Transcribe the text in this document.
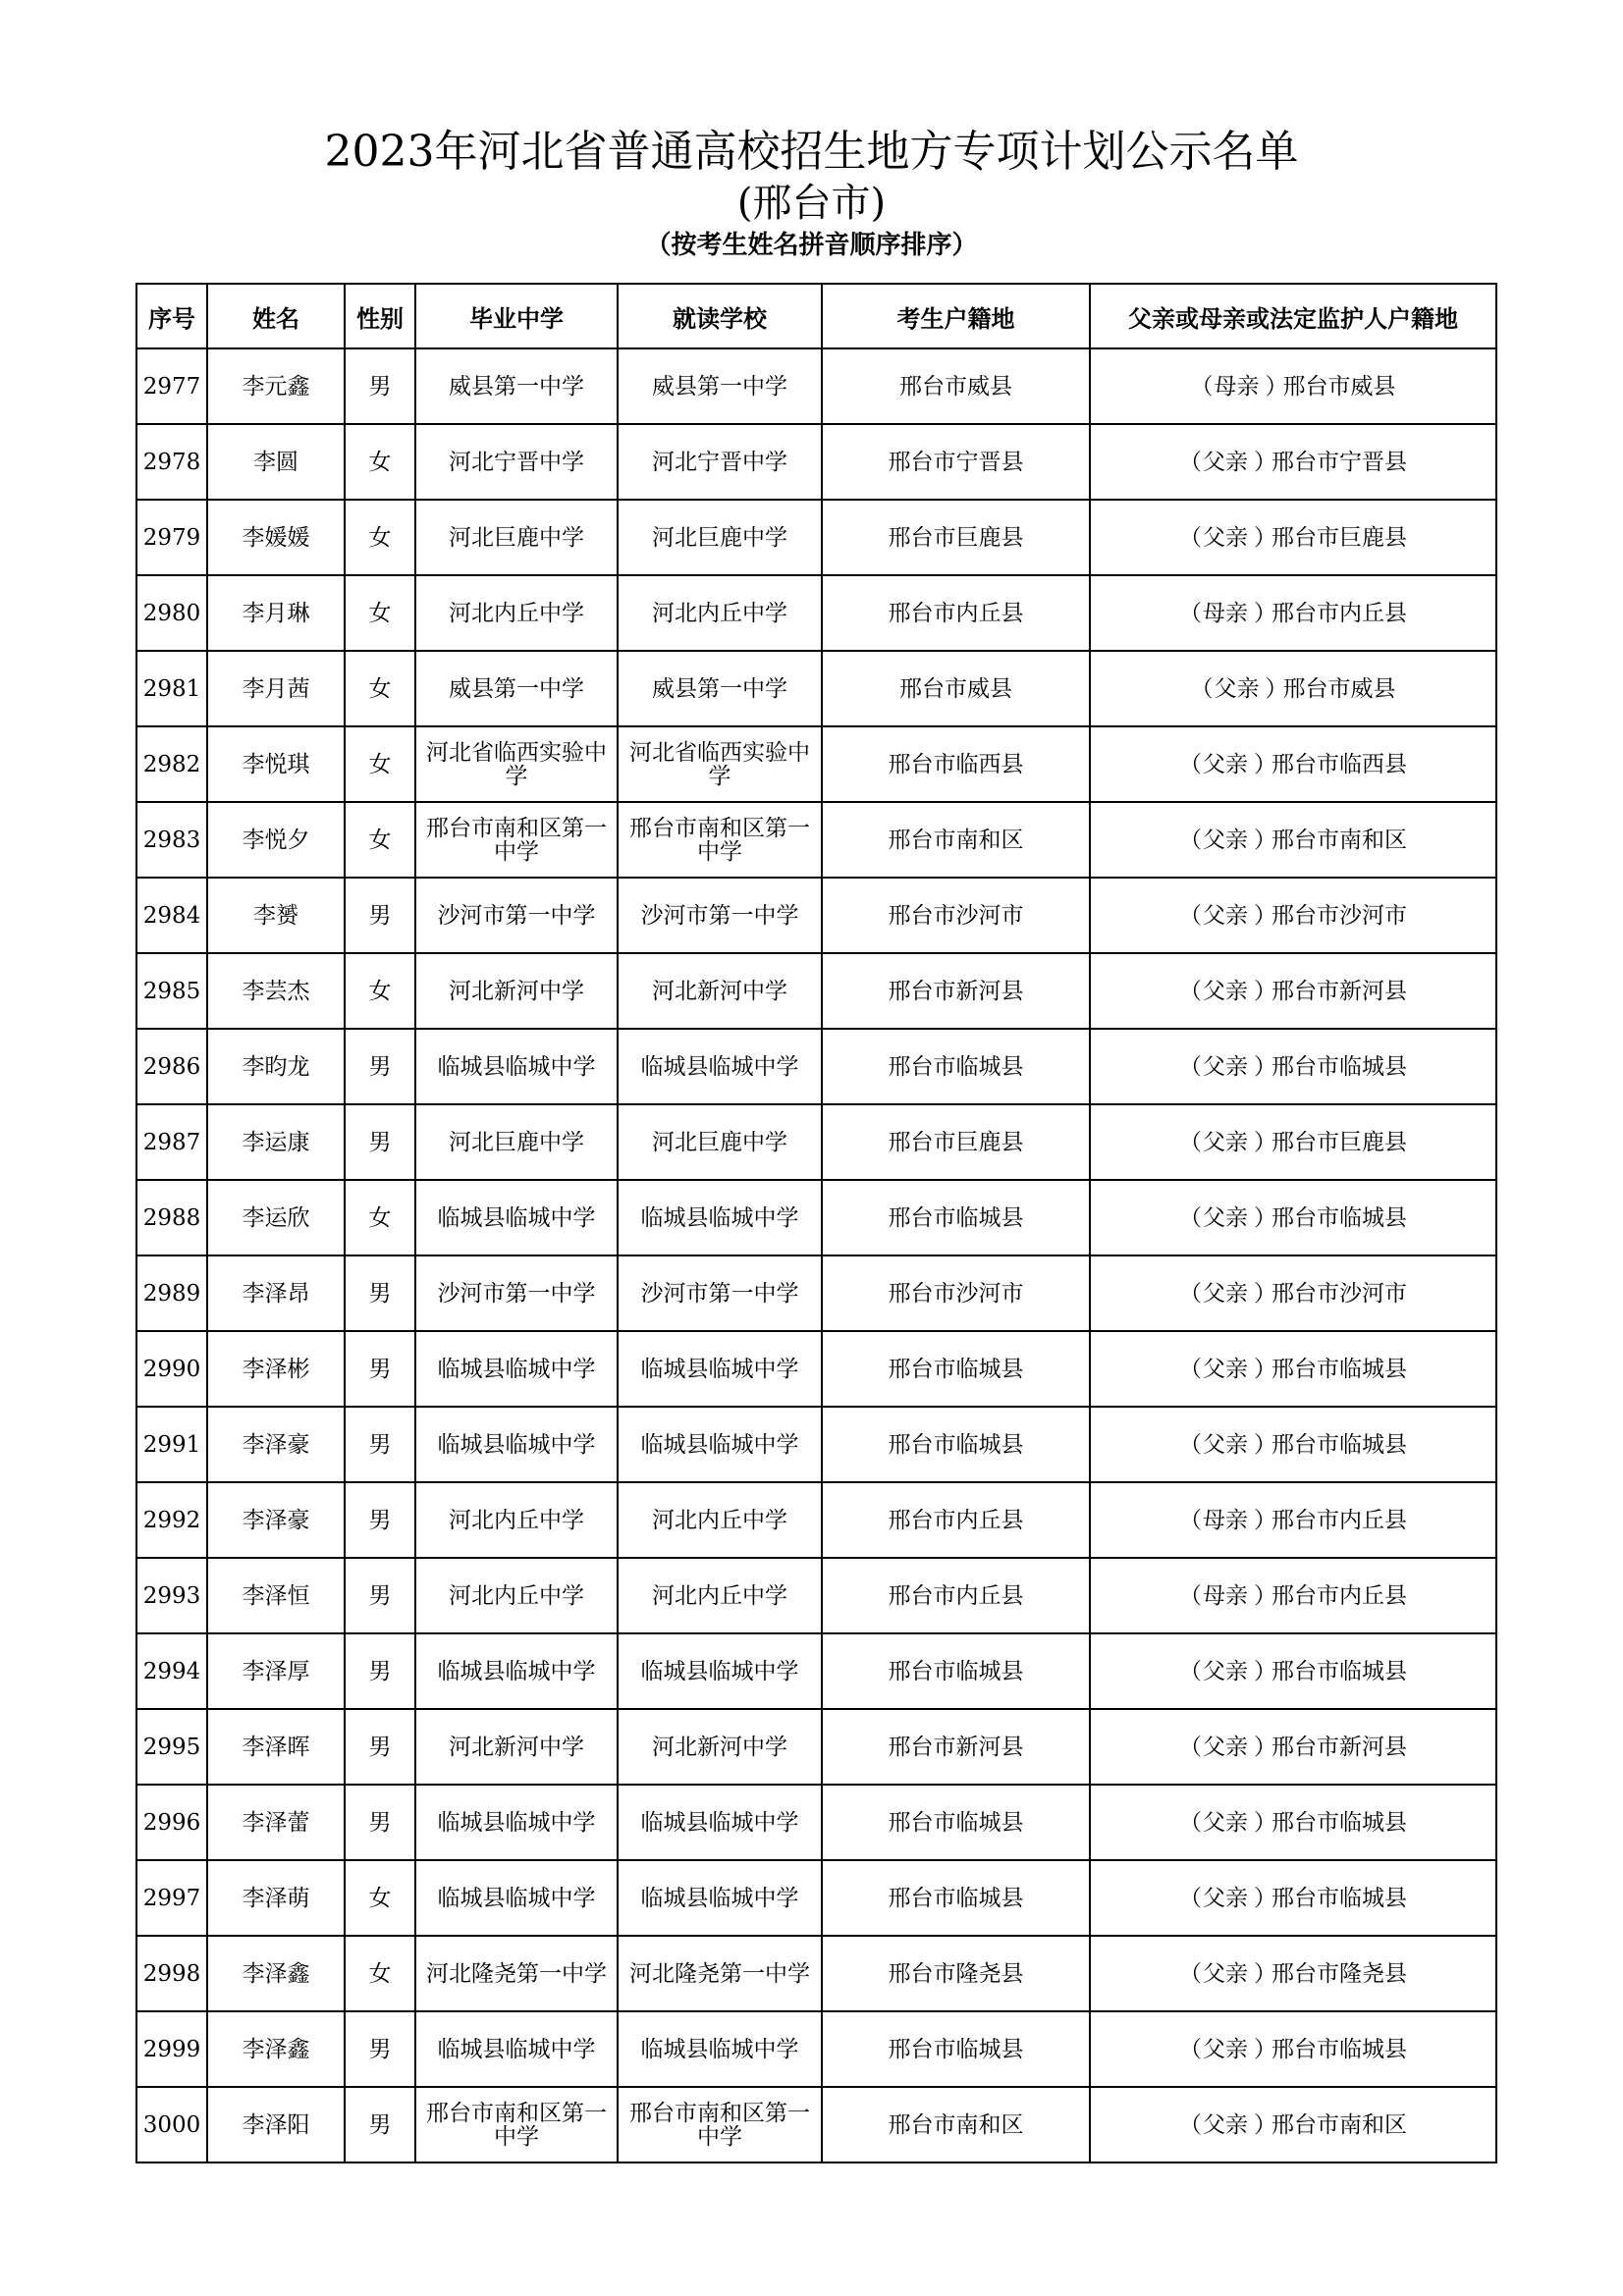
2023年河北省普通高校招生地方专项计划公示名单
(邢台市)
（按考生姓名拼音顺序排序）
序号	姓名	性别	毕业中学	就读学校	考生户籍地	父亲或母亲或法定监护人户籍地
2977	李元鑫	男	威县第一中学	威县第一中学	邢台市威县	（母亲 ）邢台市威县
2978	李圆	女	河北宁晋中学	河北宁晋中学	邢台市宁晋县	（父亲 ）邢台市宁晋县
2979	李媛媛	女	河北巨鹿中学	河北巨鹿中学	邢台市巨鹿县	（父亲 ）邢台市巨鹿县
2980	李月琳	女	河北内丘中学	河北内丘中学	邢台市内丘县	（母亲 ）邢台市内丘县
2981	李月茜	女	威县第一中学	威县第一中学	邢台市威县	（父亲 ）邢台市威县
2982	李悦琪	女	河北省临西实验中学	河北省临西实验中学	邢台市临西县	（父亲 ）邢台市临西县
2983	李悦夕	女	邢台市南和区第一中学	邢台市南和区第一中学	邢台市南和区	（父亲 ）邢台市南和区
2984	李赟	男	沙河市第一中学	沙河市第一中学	邢台市沙河市	（父亲 ）邢台市沙河市
2985	李芸杰	女	河北新河中学	河北新河中学	邢台市新河县	（父亲 ）邢台市新河县
2986	李昀龙	男	临城县临城中学	临城县临城中学	邢台市临城县	（父亲 ）邢台市临城县
2987	李运康	男	河北巨鹿中学	河北巨鹿中学	邢台市巨鹿县	（父亲 ）邢台市巨鹿县
2988	李运欣	女	临城县临城中学	临城县临城中学	邢台市临城县	（父亲 ）邢台市临城县
2989	李泽昂	男	沙河市第一中学	沙河市第一中学	邢台市沙河市	（父亲 ）邢台市沙河市
2990	李泽彬	男	临城县临城中学	临城县临城中学	邢台市临城县	（父亲 ）邢台市临城县
2991	李泽豪	男	临城县临城中学	临城县临城中学	邢台市临城县	（父亲 ）邢台市临城县
2992	李泽豪	男	河北内丘中学	河北内丘中学	邢台市内丘县	（母亲 ）邢台市内丘县
2993	李泽恒	男	河北内丘中学	河北内丘中学	邢台市内丘县	（母亲 ）邢台市内丘县
2994	李泽厚	男	临城县临城中学	临城县临城中学	邢台市临城县	（父亲 ）邢台市临城县
2995	李泽晖	男	河北新河中学	河北新河中学	邢台市新河县	（父亲 ）邢台市新河县
2996	李泽蕾	男	临城县临城中学	临城县临城中学	邢台市临城县	（父亲 ）邢台市临城县
2997	李泽萌	女	临城县临城中学	临城县临城中学	邢台市临城县	（父亲 ）邢台市临城县
2998	李泽鑫	女	河北隆尧第一中学	河北隆尧第一中学	邢台市隆尧县	（父亲 ）邢台市隆尧县
2999	李泽鑫	男	临城县临城中学	临城县临城中学	邢台市临城县	（父亲 ）邢台市临城县
3000	李泽阳	男	邢台市南和区第一中学	邢台市南和区第一中学	邢台市南和区	（父亲 ）邢台市南和区
